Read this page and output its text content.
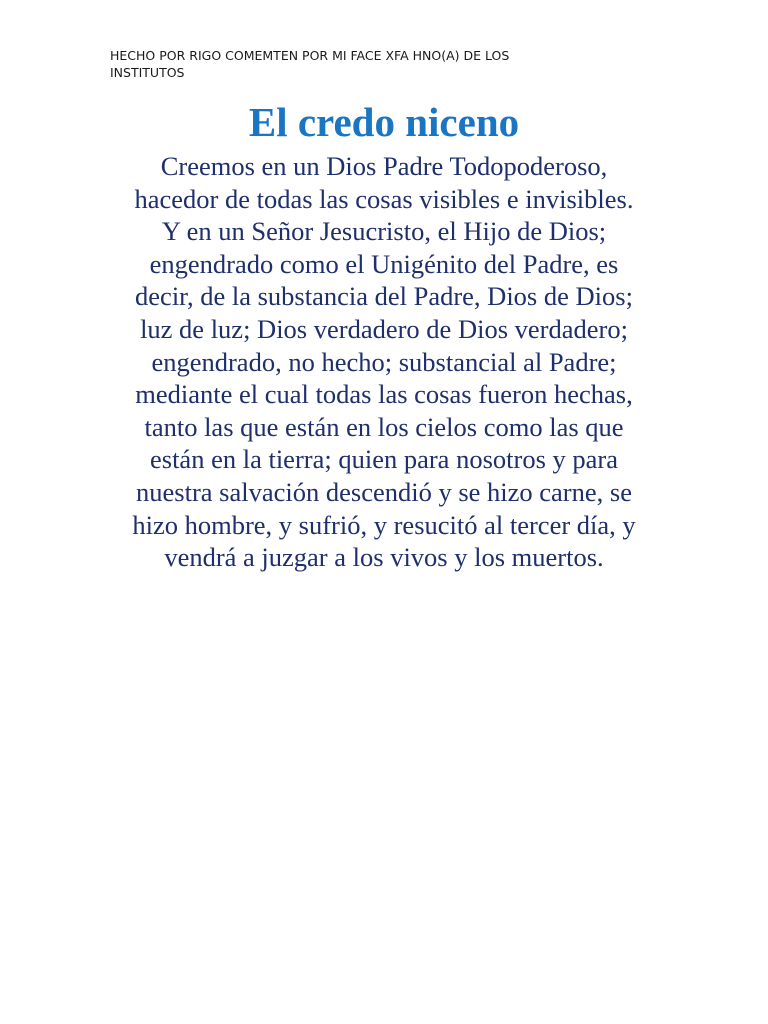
HECHO POR RIGO COMEMTEN POR MI FACE XFA HNO(A) DE LOS
INSTITUTOS
El credo niceno
Creemos en un Dios Padre Todopoderoso,
hacedor de todas las cosas visibles e invisibles.
Y en un Señor Jesucristo, el Hijo de Dios;
engendrado como el Unigénito del Padre, es
decir, de la substancia del Padre, Dios de Dios;
luz de luz; Dios verdadero de Dios verdadero;
engendrado, no hecho; substancial al Padre;
mediante el cual todas las cosas fueron hechas,
tanto las que están en los cielos como las que
están en la tierra; quien para nosotros y para
nuestra salvación descendió y se hizo carne, se
hizo hombre, y sufrió, y resucitó al tercer día, y
vendrá a juzgar a los vivos y los muertos.
